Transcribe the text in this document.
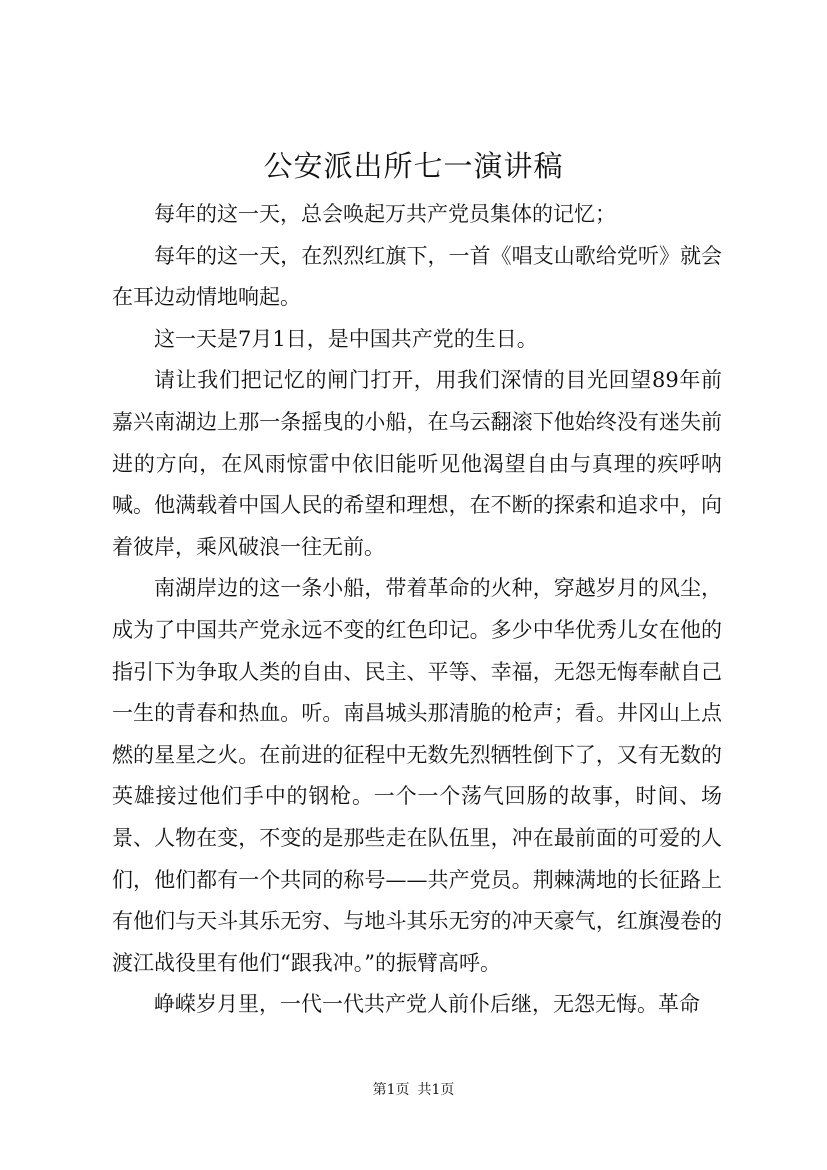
公安派出所七一演讲稿

每年的这一天，总会唤起万共产党员集体的记忆；

每年的这一天，在烈烈红旗下，一首《唱支山歌给党听》就会在耳边动情地响起。

这一天是7月1日，是中国共产党的生日。

请让我们把记忆的闸门打开，用我们深情的目光回望89年前嘉兴南湖边上那一条摇曳的小船，在乌云翻滚下他始终没有迷失前进的方向，在风雨惊雷中依旧能听见他渴望自由与真理的疾呼呐喊。他满载着中国人民的希望和理想，在不断的探索和追求中，向着彼岸，乘风破浪一往无前。

南湖岸边的这一条小船，带着革命的火种，穿越岁月的风尘，成为了中国共产党永远不变的红色印记。多少中华优秀儿女在他的指引下为争取人类的自由、民主、平等、幸福，无怨无悔奉献自己一生的青春和热血。听。南昌城头那清脆的枪声；看。井冈山上点燃的星星之火。在前进的征程中无数先烈牺牲倒下了，又有无数的英雄接过他们手中的钢枪。一个一个荡气回肠的故事，时间、场景、人物在变，不变的是那些走在队伍里，冲在最前面的可爱的人们，他们都有一个共同的称号——共产党员。荆棘满地的长征路上有他们与天斗其乐无穷、与地斗其乐无穷的冲天豪气，红旗漫卷的渡江战役里有他们“跟我冲。”的振臂高呼。

峥嵘岁月里，一代一代共产党人前仆后继，无怨无悔。革命

第1页 共1页
